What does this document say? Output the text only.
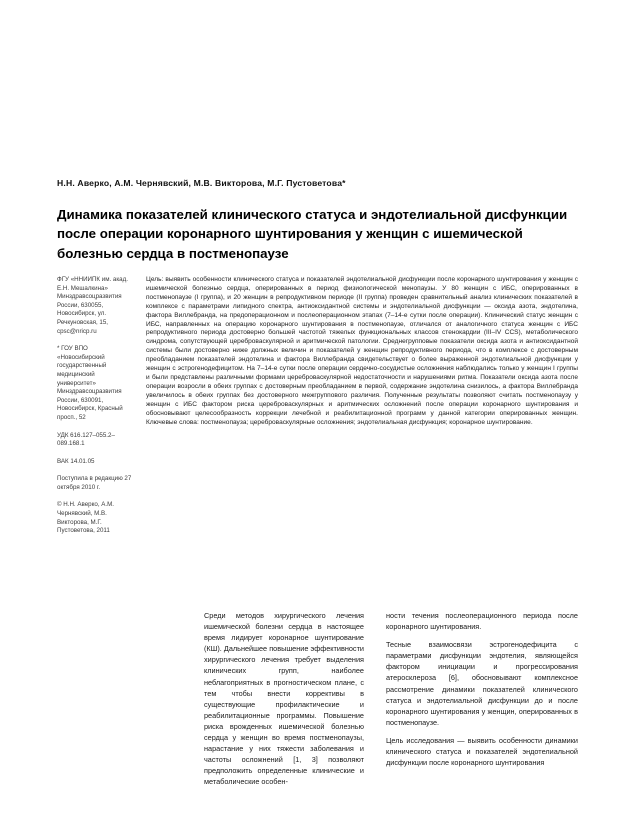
Н.Н. Аверко, А.М. Чернявский, М.В. Викторова, М.Г. Пустоветова*
Динамика показателей клинического статуса и эндотелиальной дисфункции после операции коронарного шунтирования у женщин с ишемической болезнью сердца в постменопаузе

ФГУ «ННИИПК им. акад. Е.Н. Мешалкина» Минздравсоцразвития России, 630055, Новосибирск, ул. Речкуновская, 15, cpsc@nricp.ru

* ГОУ ВПО «Новосибирский государственный медицинский университет» Минздравсоцразвития России, 630091, Новосибирск, Красный просп., 52

УДК 616.127–055.2–089.168.1

ВАК 14.01.05

Поступила в редакцию 27 октября 2010 г.

© Н.Н. Аверко, А.М. Чернявский, М.В. Викторова, М.Г. Пустоветова, 2011

Цель: выявить особенности клинического статуса и показателей эндотелиальной дисфункции после коронарного шунтирования у женщин с ишемической болезнью сердца, оперированных в период физиологической менопаузы. У 80 женщин с ИБС, оперированных в постменопаузе (I группа), и 20 женщин в репродуктивном периоде (II группа) проведен сравнительный анализ клинических показателей в комплексе с параметрами липидного спектра, антиоксидантной системы и эндотелиальной дисфункции — оксида азота, эндотелина, фактора Виллебранда, на предоперационном и послеоперационном этапах (7–14-е сутки после операции). Клинический статус женщин с ИБС, направленных на операцию коронарного шунтирования в постменопаузе, отличался от аналогичного статуса женщин с ИБС репродуктивного периода достоверно большей частотой тяжелых функциональных классов стенокардии (III–IV ССS), метаболического синдрома, сопутствующей цереброваскулярной и аритмической патологии. Среднегрупповые показатели оксида азота и антиоксидантной системы были достоверно ниже должных величин и показателей у женщин репродуктивного периода, что в комплексе с достоверным преобладанием показателей эндотелина и фактора Виллебранда свидетельствует о более выраженной эндотелиальной дисфункции у женщин с эстрогенодефицитом. На 7–14-е сутки после операции сердечно-сосудистые осложнения наблюдались только у женщин I группы и были представлены различными формами цереброваскулярной недостаточности и нарушениями ритма. Показатели оксида азота после операции возросли в обеих группах с достоверным преобладанием в первой, содержание эндотелина снизилось, а фактора Виллебранда увеличилось в обеих группах без достоверного межгруппового различия. Полученные результаты позволяют считать постменопаузу у женщин с ИБС фактором риска цереброваскулярных и аритмических осложнений после операции коронарного шунтирования и обосновывают целесообразность коррекции лечебной и реабилитационной программ у данной категории оперированных женщин. Ключевые слова: постменопауза; цереброваскулярные осложнения; эндотелиальная дисфункция; коронарное шунтирование.

Среди методов хирургического лечения ишемической болезни сердца в настоящее время лидирует коронарное шунтирование (КШ). Дальнейшее повышение эффективности хирургического лечения требует выделения клинических групп, наиболее неблагоприятных в прогностическом плане, с тем чтобы внести коррективы в существующие профилактические и реабилитационные программы. Повышение риска врожденных ишемической болезнью сердца у женщин во время постменопаузы, нарастание у них тяжести заболевания и частоты осложнений [1, 3] позволяют предположить определенные клинические и метаболические особен-

ности течения послеоперационного периода после коронарного шунтирования.

Тесные взаимосвязи эстрогенодефицита с параметрами дисфункции эндотелия, являющейся фактором инициации и прогрессирования атеросклероза [6], обосновывают комплексное рассмотрение динамики показателей клинического статуса и эндотелиальной дисфункции до и после коронарного шунтирования у женщин, оперированных в постменопаузе.

Цель исследования — выявить особенности динамики клинического статуса и показателей эндотелиальной дисфункции после коронарного шунтирования
